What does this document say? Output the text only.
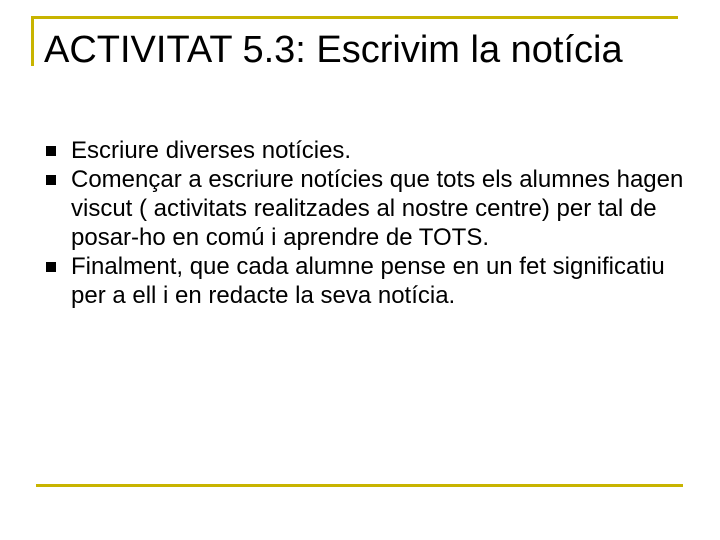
ACTIVITAT 5.3: Escrivim la notícia
Escriure diverses notícies.
Començar a escriure notícies que tots els alumnes hagen viscut ( activitats realitzades al nostre centre) per tal de posar-ho en comú i aprendre de TOTS.
Finalment, que cada alumne pense en un fet significatiu per a ell i en redacte la seva notícia.
